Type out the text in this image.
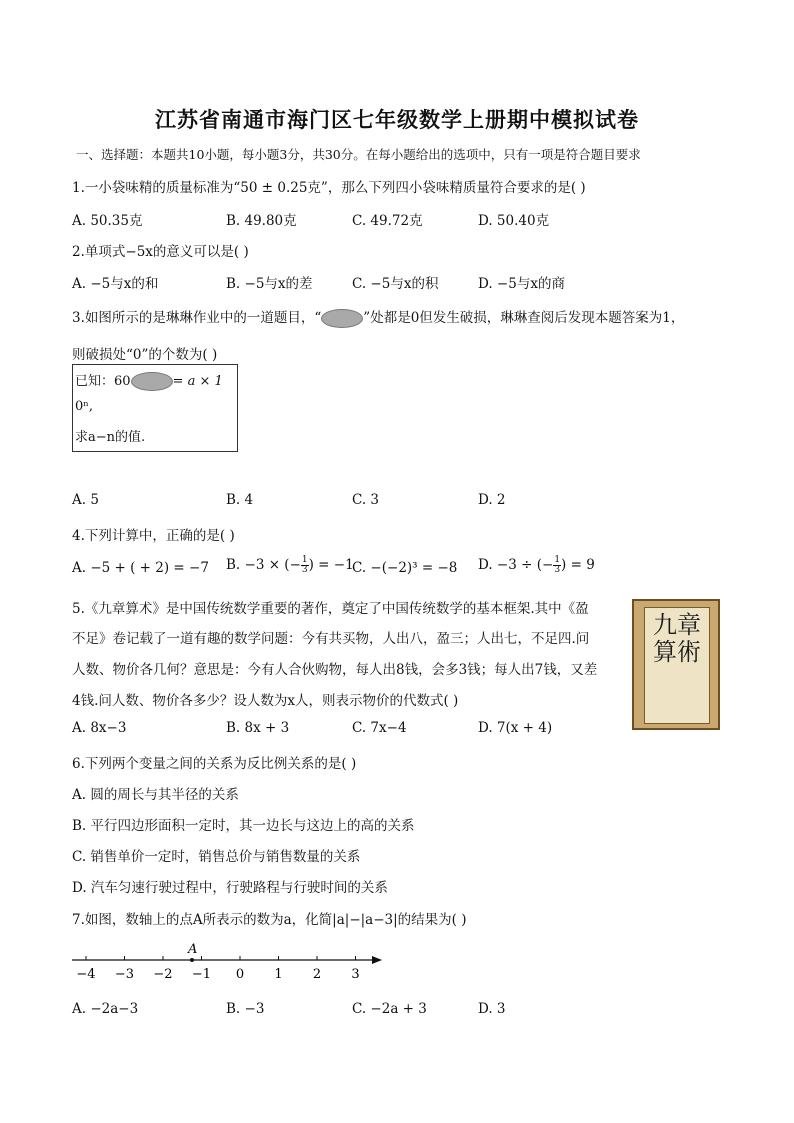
江苏省南通市海门区七年级数学上册期中模拟试卷
一、选择题：本题共10小题，每小题3分，共30分。在每小题给出的选项中，只有一项是符合题目要求
1.一小袋味精的质量标准为“50 ± 0.25克”，那么下列四小袋味精质量符合要求的是( )
A. 50.35克	B. 49.80克	C. 49.72克	D. 50.40克
2.单项式−5x的意义可以是( )
A. −5与x的和	B. −5与x的差	C. −5与x的积	D. −5与x的商
3.如图所示的是琳琳作业中的一道题目，“	”处都是0但发生破损，琳琳查阅后发现本题答案为1，
则破损处“0”的个数为( )
已知：60	= a × 1
0ⁿ,
求a−n的值.
A. 5	B. 4	C. 3	D. 2
4.下列计算中，正确的是( )
A. −5 + ( + 2) = −7 B. −3 × (− $\frac{1}{3}$ ) = −1
C. −(−2)³ = −8 D. −3 ÷ (− $\frac{1}{3}$ ) = 9
5.《九章算术》是中国传统数学重要的著作，奠定了中国传统数学的基本框架.其中《盈
不足》卷记载了一道有趣的数学问题：今有共买物，人出八，盈三；人出七，不足四.问
人数、物价各几何？意思是：今有人合伙购物，每人出8钱，会多3钱；每人出7钱，又差
4钱.问人数、物价各多少？设人数为x人，则表示物价的代数式( )
A. 8x−3	B. 8x + 3	C. 7x−4	D. 7(x + 4)
九章算術
6.下列两个变量之间的关系为反比例关系的是( )
A. 圆的周长与其半径的关系
B. 平行四边形面积一定时，其一边长与这边上的高的关系
C. 销售单价一定时，销售总价与销售数量的关系
D. 汽车匀速行驶过程中，行驶路程与行驶时间的关系
7.如图，数轴上的点A所表示的数为a，化简|a|−|a−3|的结果为( )
−4 −3 −2 −1 0 1 2 3
A
A. −2a−3	B. −3	C. −2a + 3	D. 3
